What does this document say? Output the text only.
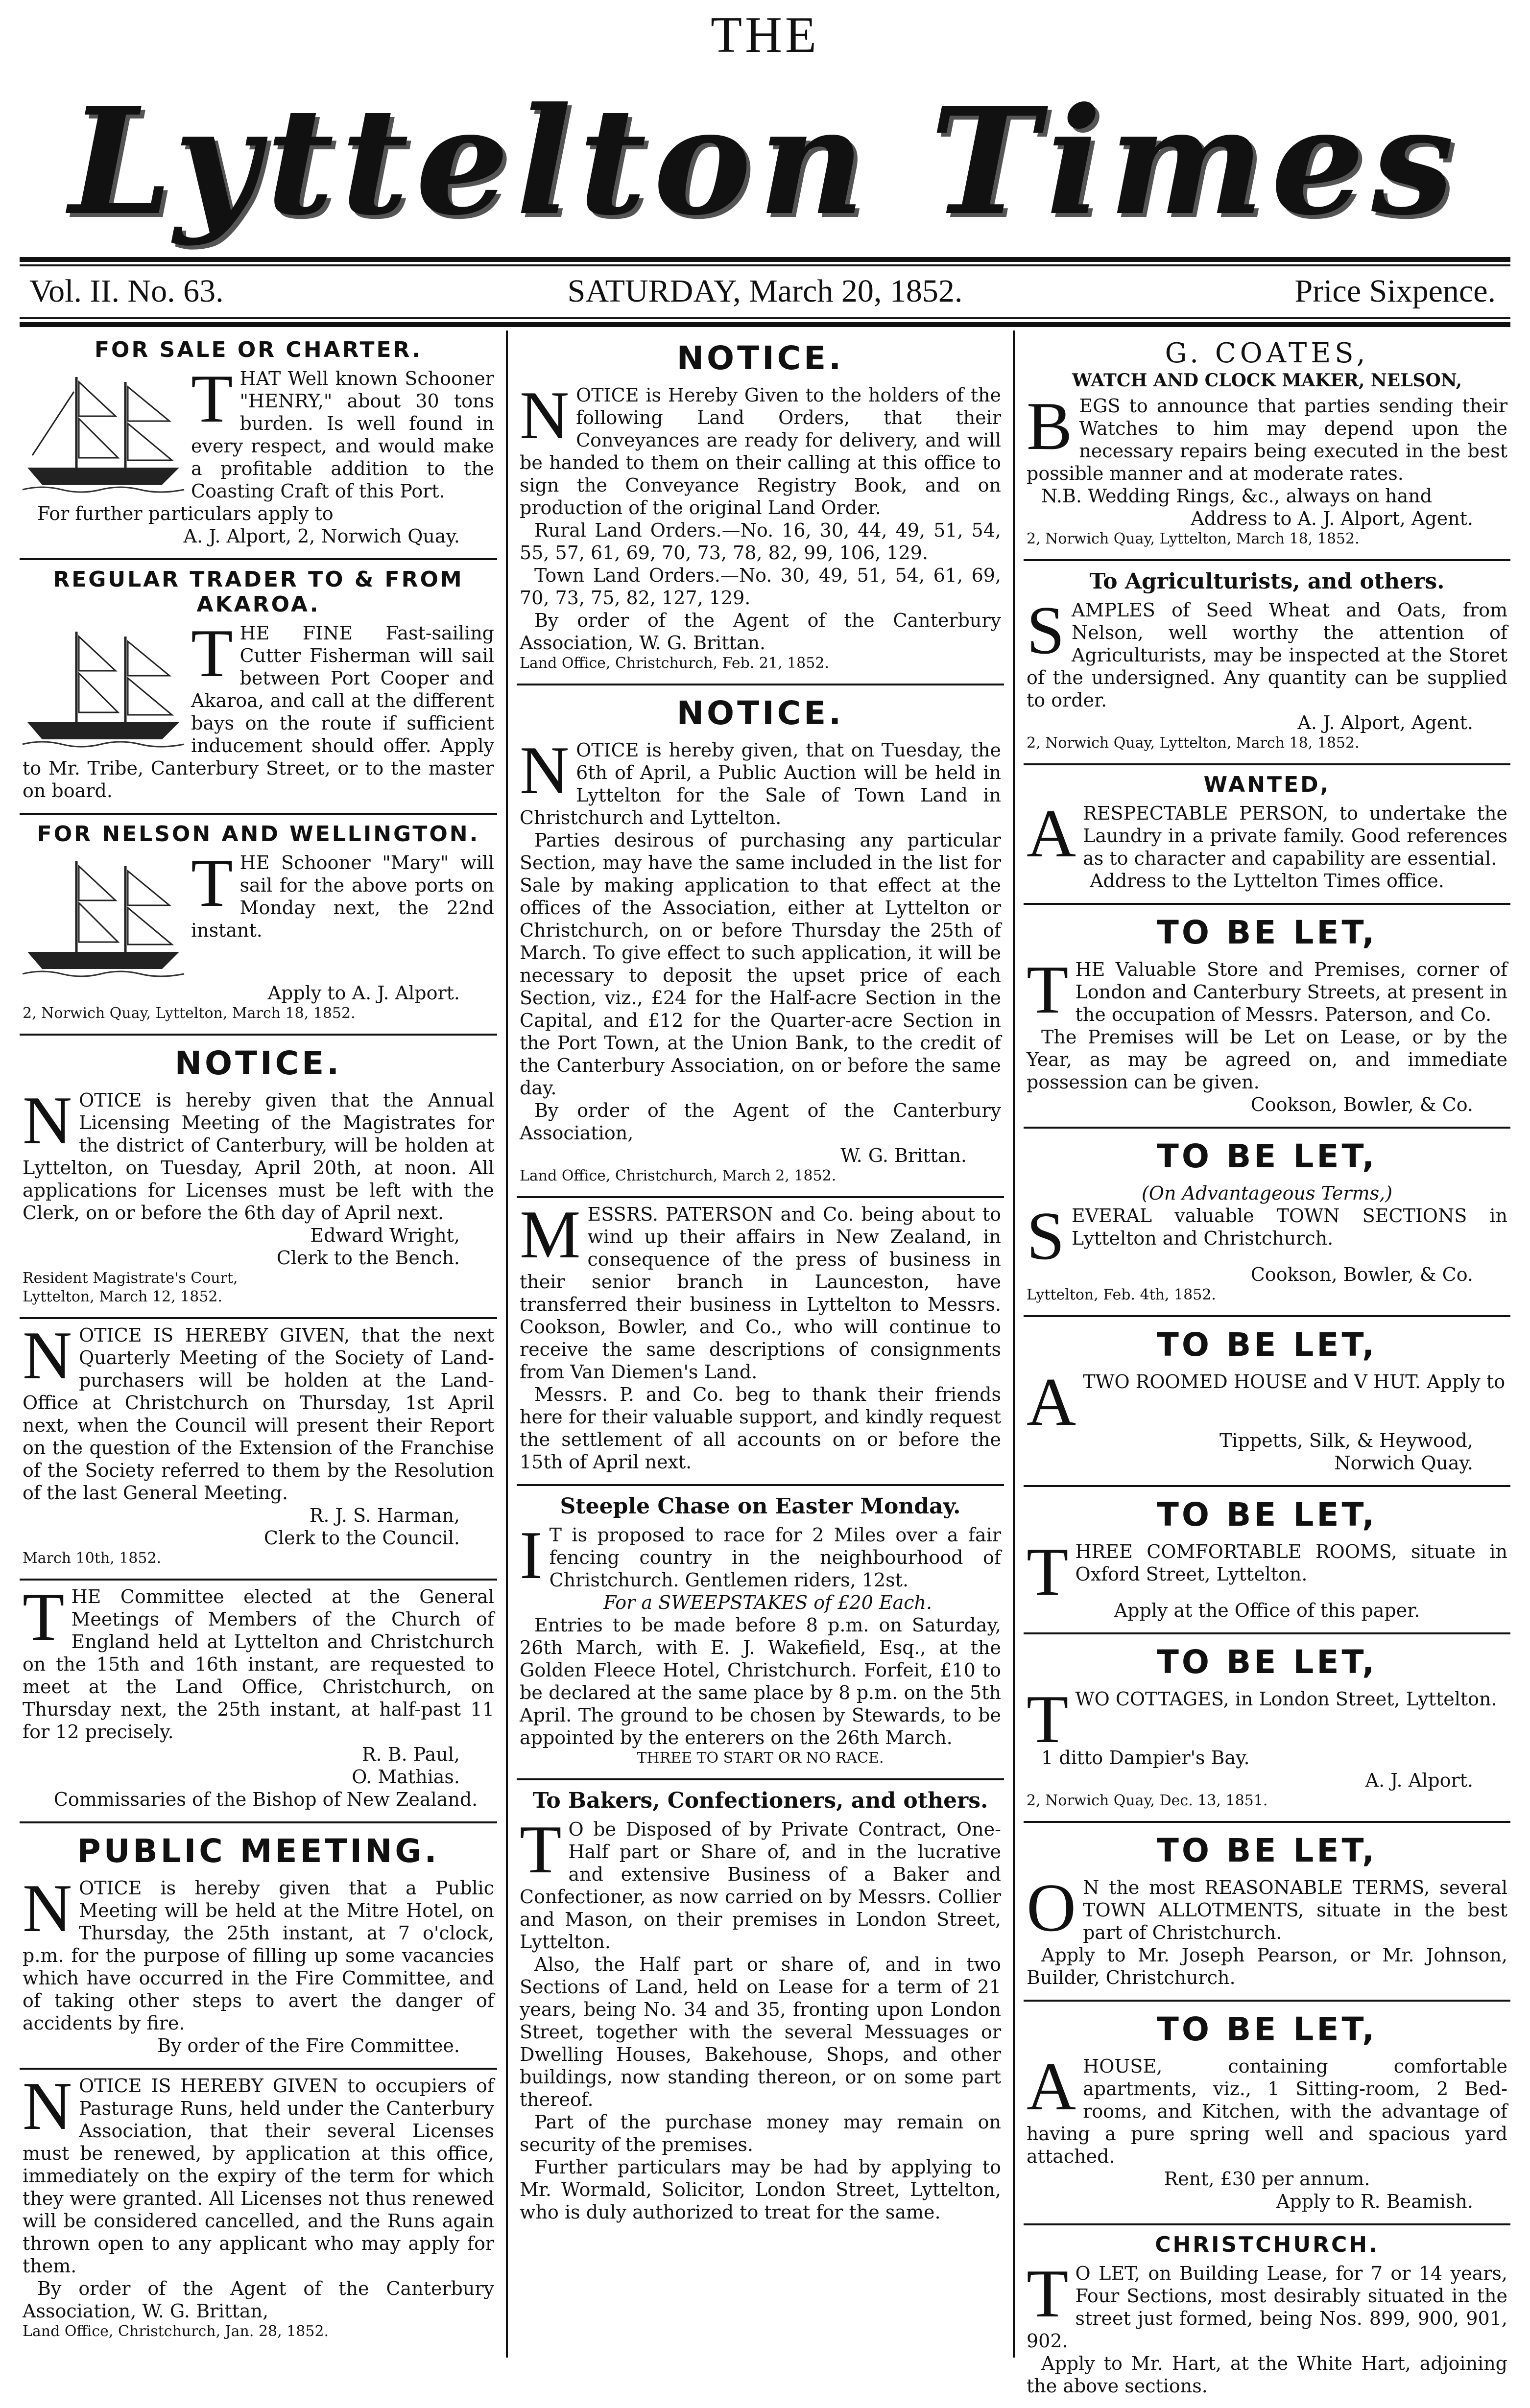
THE
Lyttelton Times
Vol. II. No. 63.	SATURDAY, March 20, 1852.	Price Sixpence.
FOR SALE OR CHARTER.
T HAT Well known Schooner "HENRY," about 30 tons burden. Is well found in every respect, and would make a profitable addition to the Coasting Craft of this Port.

For further particulars apply to

A. J. Alport, 2, Norwich Quay.

REGULAR TRADER TO & FROM AKAROA.
T HE FINE Fast-sailing Cutter Fisherman will sail between Port Cooper and Akaroa, and call at the different bays on the route if sufficient inducement should offer. Apply to Mr. Tribe, Canterbury Street, or to the master on board.

FOR NELSON AND WELLINGTON.
T HE Schooner "Mary" will sail for the above ports on Monday next, the 22nd instant.

Apply to A. J. Alport.

2, Norwich Quay, Lyttelton, March 18, 1852.

NOTICE.
N OTICE is hereby given that the Annual Licensing Meeting of the Magistrates for the district of Canterbury, will be holden at Lyttelton, on Tuesday, April 20th, at noon. All applications for Licenses must be left with the Clerk, on or before the 6th day of April next.

Edward Wright,

Clerk to the Bench.

Resident Magistrate's Court,

Lyttelton, March 12, 1852.

N OTICE IS HEREBY GIVEN, that the next Quarterly Meeting of the Society of Land-purchasers will be holden at the Land-Office at Christchurch on Thursday, 1st April next, when the Council will present their Report on the question of the Extension of the Franchise of the Society referred to them by the Resolution of the last General Meeting.

R. J. S. Harman,

Clerk to the Council.

March 10th, 1852.

T HE Committee elected at the General Meetings of Members of the Church of England held at Lyttelton and Christchurch on the 15th and 16th instant, are requested to meet at the Land Office, Christchurch, on Thursday next, the 25th instant, at half-past 11 for 12 precisely.

R. B. Paul,

O. Mathias.

Commissaries of the Bishop of New Zealand.

PUBLIC MEETING.
N OTICE is hereby given that a Public Meeting will be held at the Mitre Hotel, on Thursday, the 25th instant, at 7 o'clock, p.m. for the purpose of filling up some vacancies which have occurred in the Fire Committee, and of taking other steps to avert the danger of accidents by fire.

By order of the Fire Committee.

N OTICE IS HEREBY GIVEN to occupiers of Pasturage Runs, held under the Canterbury Association, that their several Licenses must be renewed, by application at this office, immediately on the expiry of the term for which they were granted. All Licenses not thus renewed will be considered cancelled, and the Runs again thrown open to any applicant who may apply for them.

By order of the Agent of the Canterbury Association, W. G. Brittan,

Land Office, Christchurch, Jan. 28, 1852.

NOTICE.
N OTICE is Hereby Given to the holders of the following Land Orders, that their Conveyances are ready for delivery, and will be handed to them on their calling at this office to sign the Conveyance Registry Book, and on production of the original Land Order.

Rural Land Orders.—No. 16, 30, 44, 49, 51, 54, 55, 57, 61, 69, 70, 73, 78, 82, 99, 106, 129.

Town Land Orders.—No. 30, 49, 51, 54, 61, 69, 70, 73, 75, 82, 127, 129.

By order of the Agent of the Canterbury Association, W. G. Brittan.

Land Office, Christchurch, Feb. 21, 1852.

NOTICE.
N OTICE is hereby given, that on Tuesday, the 6th of April, a Public Auction will be held in Lyttelton for the Sale of Town Land in Christchurch and Lyttelton.

Parties desirous of purchasing any particular Section, may have the same included in the list for Sale by making application to that effect at the offices of the Association, either at Lyttelton or Christchurch, on or before Thursday the 25th of March. To give effect to such application, it will be necessary to deposit the upset price of each Section, viz., £24 for the Half-acre Section in the Capital, and £12 for the Quarter-acre Section in the Port Town, at the Union Bank, to the credit of the Canterbury Association, on or before the same day.

By order of the Agent of the Canterbury Association,

W. G. Brittan.

Land Office, Christchurch, March 2, 1852.

M ESSRS. PATERSON and Co. being about to wind up their affairs in New Zealand, in consequence of the press of business in their senior branch in Launceston, have transferred their business in Lyttelton to Messrs. Cookson, Bowler, and Co., who will continue to receive the same descriptions of consignments from Van Diemen's Land.

Messrs. P. and Co. beg to thank their friends here for their valuable support, and kindly request the settlement of all accounts on or before the 15th of April next.

Steeple Chase on Easter Monday.
I T is proposed to race for 2 Miles over a fair fencing country in the neighbourhood of Christchurch. Gentlemen riders, 12st.

For a SWEEPSTAKES of £20 Each.

Entries to be made before 8 p.m. on Saturday, 26th March, with E. J. Wakefield, Esq., at the Golden Fleece Hotel, Christchurch. Forfeit, £10 to be declared at the same place by 8 p.m. on the 5th April. The ground to be chosen by Stewards, to be appointed by the enterers on the 26th March.

THREE TO START OR NO RACE.

To Bakers, Confectioners, and others.
T O be Disposed of by Private Contract, One-Half part or Share of, and in the lucrative and extensive Business of a Baker and Confectioner, as now carried on by Messrs. Collier and Mason, on their premises in London Street, Lyttelton.

Also, the Half part or share of, and in two Sections of Land, held on Lease for a term of 21 years, being No. 34 and 35, fronting upon London Street, together with the several Messuages or Dwelling Houses, Bakehouse, Shops, and other buildings, now standing thereon, or on some part thereof.

Part of the purchase money may remain on security of the premises.

Further particulars may be had by applying to Mr. Wormald, Solicitor, London Street, Lyttelton, who is duly authorized to treat for the same.

G. COATES,
WATCH AND CLOCK MAKER, NELSON,
B EGS to announce that parties sending their Watches to him may depend upon the necessary repairs being executed in the best possible manner and at moderate rates.

N.B. Wedding Rings, &c., always on hand

Address to A. J. Alport, Agent.

2, Norwich Quay, Lyttelton, March 18, 1852.

To Agriculturists, and others.
S AMPLES of Seed Wheat and Oats, from Nelson, well worthy the attention of Agriculturists, may be inspected at the Storet of the undersigned. Any quantity can be supplied to order.

A. J. Alport, Agent.

2, Norwich Quay, Lyttelton, March 18, 1852.

WANTED,
A RESPECTABLE PERSON, to undertake the Laundry in a private family. Good references as to character and capability are essential.

Address to the Lyttelton Times office.

TO BE LET,
T HE Valuable Store and Premises, corner of London and Canterbury Streets, at present in the occupation of Messrs. Paterson, and Co.

The Premises will be Let on Lease, or by the Year, as may be agreed on, and immediate possession can be given.

Cookson, Bowler, & Co.

TO BE LET,

(On Advantageous Terms,)

S EVERAL valuable TOWN SECTIONS in Lyttelton and Christchurch.

Cookson, Bowler, & Co.

Lyttelton, Feb. 4th, 1852.

TO BE LET,
A TWO ROOMED HOUSE and V HUT. Apply to

Tippetts, Silk, & Heywood,

Norwich Quay.

TO BE LET,
T HREE COMFORTABLE ROOMS, situate in Oxford Street, Lyttelton.

Apply at the Office of this paper.

TO BE LET,
T WO COTTAGES, in London Street, Lyttelton.

1 ditto Dampier's Bay.

A. J. Alport.

2, Norwich Quay, Dec. 13, 1851.

TO BE LET,
O N the most REASONABLE TERMS, several TOWN ALLOTMENTS, situate in the best part of Christchurch.

Apply to Mr. Joseph Pearson, or Mr. Johnson, Builder, Christchurch.

TO BE LET,
A HOUSE, containing comfortable apartments, viz., 1 Sitting-room, 2 Bed-rooms, and Kitchen, with the advantage of having a pure spring well and spacious yard attached.

Rent, £30 per annum.

Apply to R. Beamish.

CHRISTCHURCH.
T O LET, on Building Lease, for 7 or 14 years, Four Sections, most desirably situated in the street just formed, being Nos. 899, 900, 901, 902.

Apply to Mr. Hart, at the White Hart, adjoining the above sections.
